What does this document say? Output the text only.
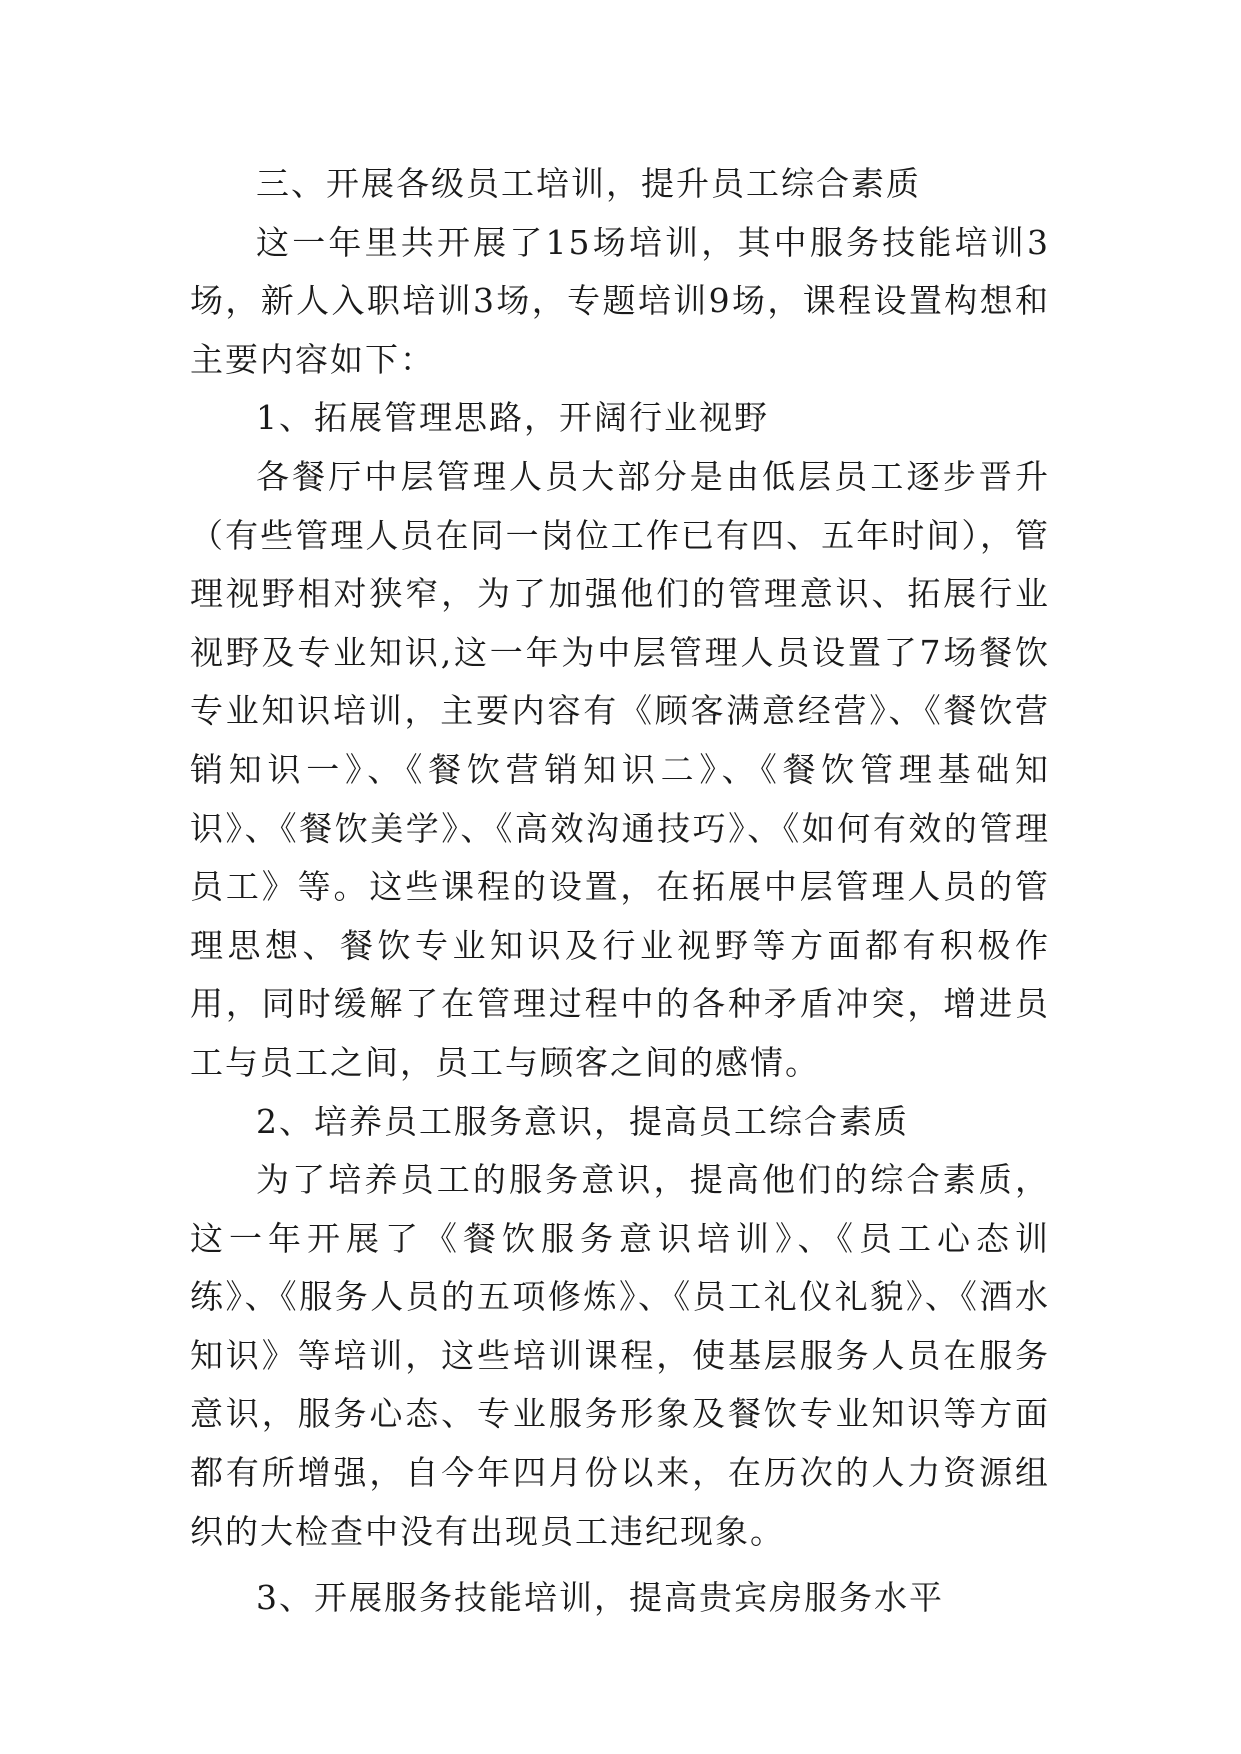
三、开展各级员工培训，提升员工综合素质

这一年里共开展了15场培训，其中服务技能培训3场，新人入职培训3场，专题培训9场，课程设置构想和主要内容如下：

1、拓展管理思路，开阔行业视野

各餐厅中层管理人员大部分是由低层员工逐步晋升（有些管理人员在同一岗位工作已有四、五年时间），管理视野相对狭窄，为了加强他们的管理意识、拓展行业视野及专业知识,这一年为中层管理人员设置了7场餐饮专业知识培训，主要内容有《顾客满意经营》、《餐饮营销知识一》、《餐饮营销知识二》、《餐饮管理基础知识》、《餐饮美学》、《高效沟通技巧》、《如何有效的管理员工》等。这些课程的设置，在拓展中层管理人员的管理思想、餐饮专业知识及行业视野等方面都有积极作用，同时缓解了在管理过程中的各种矛盾冲突，增进员工与员工之间，员工与顾客之间的感情。

2、培养员工服务意识，提高员工综合素质

为了培养员工的服务意识，提高他们的综合素质，这一年开展了《餐饮服务意识培训》、《员工心态训练》、《服务人员的五项修炼》、《员工礼仪礼貌》、《酒水知识》等培训，这些培训课程，使基层服务人员在服务意识，服务心态、专业服务形象及餐饮专业知识等方面都有所增强，自今年四月份以来，在历次的人力资源组织的大检查中没有出现员工违纪现象。

3、开展服务技能培训，提高贵宾房服务水平
